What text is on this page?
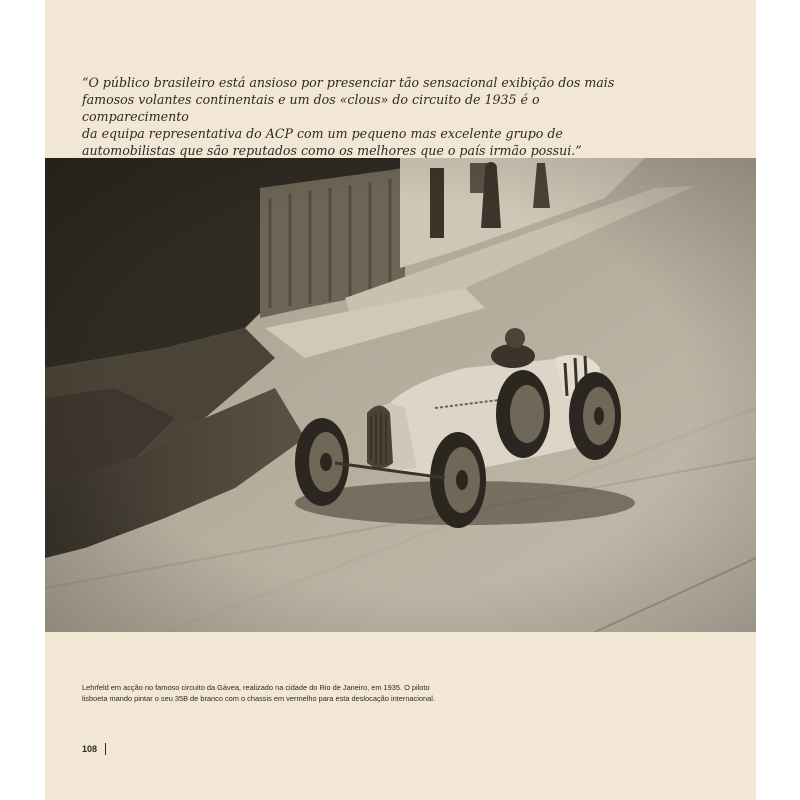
“O público brasileiro está ansioso por presenciar tão sensacional exibição dos mais
famosos volantes continentais e um dos «clous» do circuito de 1935 é o comparecimento
da equipa representativa do ACP com um pequeno mas excelente grupo de
automobilistas que são reputados como os melhores que o país irmão possui.”

Lehrfeld em acção no famoso circuito da Gávea, realizado na cidade do Rio de Janeiro, em 1935. O piloto
lisboeta mando pintar o seu 35B de branco com o chassis em vermelho para esta deslocação internacional.

108
